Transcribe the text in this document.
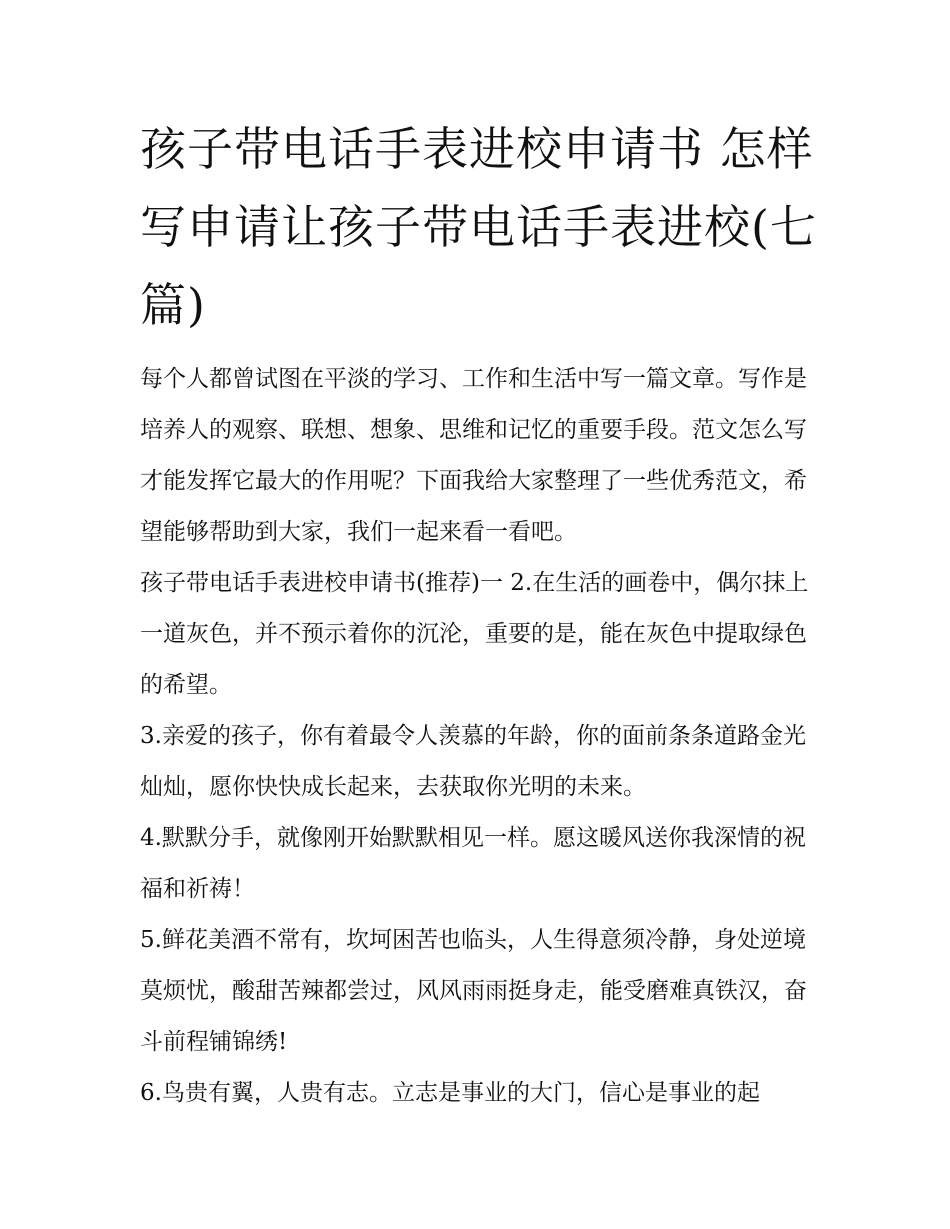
孩子带电话手表进校申请书 怎样写申请让孩子带电话手表进校(七篇)

每个人都曾试图在平淡的学习、工作和生活中写一篇文章。写作是培养人的观察、联想、想象、思维和记忆的重要手段。范文怎么写才能发挥它最大的作用呢？下面我给大家整理了一些优秀范文，希望能够帮助到大家，我们一起来看一看吧。

孩子带电话手表进校申请书(推荐)一 2.在生活的画卷中，偶尔抹上一道灰色，并不预示着你的沉沦，重要的是，能在灰色中提取绿色的希望。

3.亲爱的孩子，你有着最令人羡慕的年龄，你的面前条条道路金光灿灿，愿你快快成长起来，去获取你光明的未来。

4.默默分手，就像刚开始默默相见一样。愿这暖风送你我深情的祝福和祈祷！

5.鲜花美酒不常有，坎坷困苦也临头，人生得意须冷静，身处逆境莫烦忧，酸甜苦辣都尝过，风风雨雨挺身走，能受磨难真铁汉，奋斗前程铺锦绣!

6.鸟贵有翼，人贵有志。立志是事业的大门，信心是事业的起
